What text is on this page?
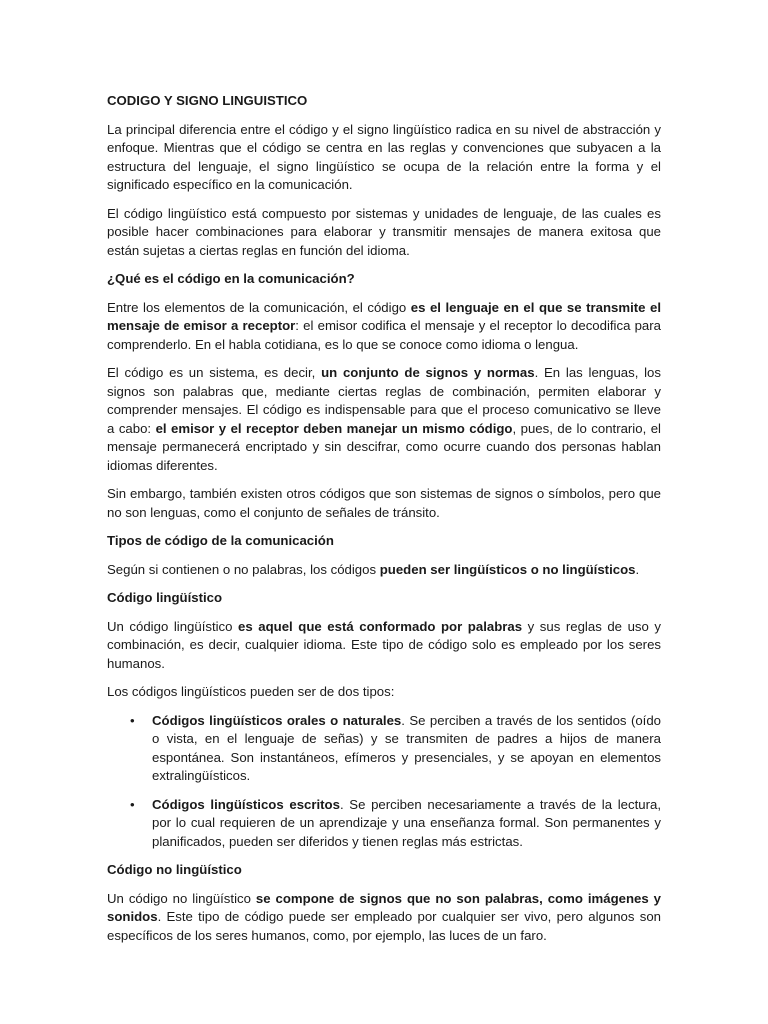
CODIGO Y SIGNO LINGUISTICO

La principal diferencia entre el código y el signo lingüístico radica en su nivel de abstracción y enfoque. Mientras que el código se centra en las reglas y convenciones que subyacen a la estructura del lenguaje, el signo lingüístico se ocupa de la relación entre la forma y el significado específico en la comunicación.

El código lingüístico está compuesto por sistemas y unidades de lenguaje, de las cuales es posible hacer combinaciones para elaborar y transmitir mensajes de manera exitosa que están sujetas a ciertas reglas en función del idioma.

¿Qué es el código en la comunicación?

Entre los elementos de la comunicación, el código es el lenguaje en el que se transmite el mensaje de emisor a receptor: el emisor codifica el mensaje y el receptor lo decodifica para comprenderlo. En el habla cotidiana, es lo que se conoce como idioma o lengua.

El código es un sistema, es decir, un conjunto de signos y normas. En las lenguas, los signos son palabras que, mediante ciertas reglas de combinación, permiten elaborar y comprender mensajes. El código es indispensable para que el proceso comunicativo se lleve a cabo: el emisor y el receptor deben manejar un mismo código, pues, de lo contrario, el mensaje permanecerá encriptado y sin descifrar, como ocurre cuando dos personas hablan idiomas diferentes.

Sin embargo, también existen otros códigos que son sistemas de signos o símbolos, pero que no son lenguas, como el conjunto de señales de tránsito.

Tipos de código de la comunicación

Según si contienen o no palabras, los códigos pueden ser lingüísticos o no lingüísticos.

Código lingüístico

Un código lingüístico es aquel que está conformado por palabras y sus reglas de uso y combinación, es decir, cualquier idioma. Este tipo de código solo es empleado por los seres humanos.

Los códigos lingüísticos pueden ser de dos tipos:

• Códigos lingüísticos orales o naturales. Se perciben a través de los sentidos (oído o vista, en el lenguaje de señas) y se transmiten de padres a hijos de manera espontánea. Son instantáneos, efímeros y presenciales, y se apoyan en elementos extralingüísticos.
• Códigos lingüísticos escritos. Se perciben necesariamente a través de la lectura, por lo cual requieren de un aprendizaje y una enseñanza formal. Son permanentes y planificados, pueden ser diferidos y tienen reglas más estrictas.

Código no lingüístico

Un código no lingüístico se compone de signos que no son palabras, como imágenes y sonidos. Este tipo de código puede ser empleado por cualquier ser vivo, pero algunos son específicos de los seres humanos, como, por ejemplo, las luces de un faro.
